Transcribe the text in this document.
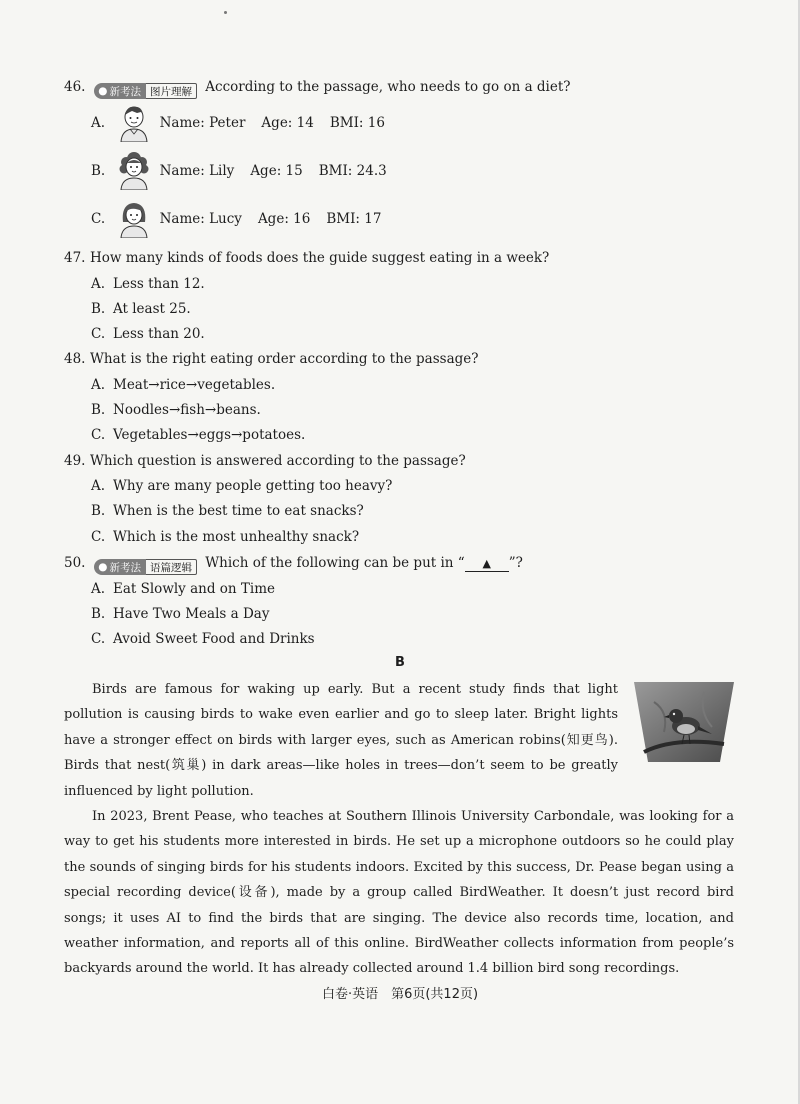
46. ● 新考法 图片理解 According to the passage, who needs to go on a diet?
A.	Name: Peter Age: 14 BMI: 16
B.	Name: Lily Age: 15 BMI: 24.3
C.	Name: Lucy Age: 16 BMI: 17
47. How many kinds of foods does the guide suggest eating in a week?
A. Less than 12.
B. At least 25.
C. Less than 20.
48. What is the right eating order according to the passage?
A. Meat→rice→vegetables.
B. Noodles→fish→beans.
C. Vegetables→eggs→potatoes.
49. Which question is answered according to the passage?
A. Why are many people getting too heavy?
B. When is the best time to eat snacks?
C. Which is the most unhealthy snack?
50. ● 新考法 语篇逻辑 Which of the following can be put in “ ▲ ”?
A. Eat Slowly and on Time
B. Have Two Meals a Day
C. Avoid Sweet Food and Drinks
B
Birds are famous for waking up early. But a recent study finds that light pollution is causing birds to wake even earlier and go to sleep later. Bright lights have a stronger effect on birds with larger eyes, such as American robins(知更鸟). Birds that nest(筑巢) in dark areas—like holes in trees—don’t seem to be greatly influenced by light pollution.
In 2023, Brent Pease, who teaches at Southern Illinois University Carbondale, was looking for a way to get his students more interested in birds. He set up a microphone outdoors so he could play the sounds of singing birds for his students indoors. Excited by this success, Dr. Pease began using a special recording device(设备), made by a group called BirdWeather. It doesn’t just record bird songs; it uses AI to find the birds that are singing. The device also records time, location, and weather information, and reports all of this online. BirdWeather collects information from people’s backyards around the world. It has already collected around 1.4 billion bird song recordings.
白卷·英语　第6页(共12页)
